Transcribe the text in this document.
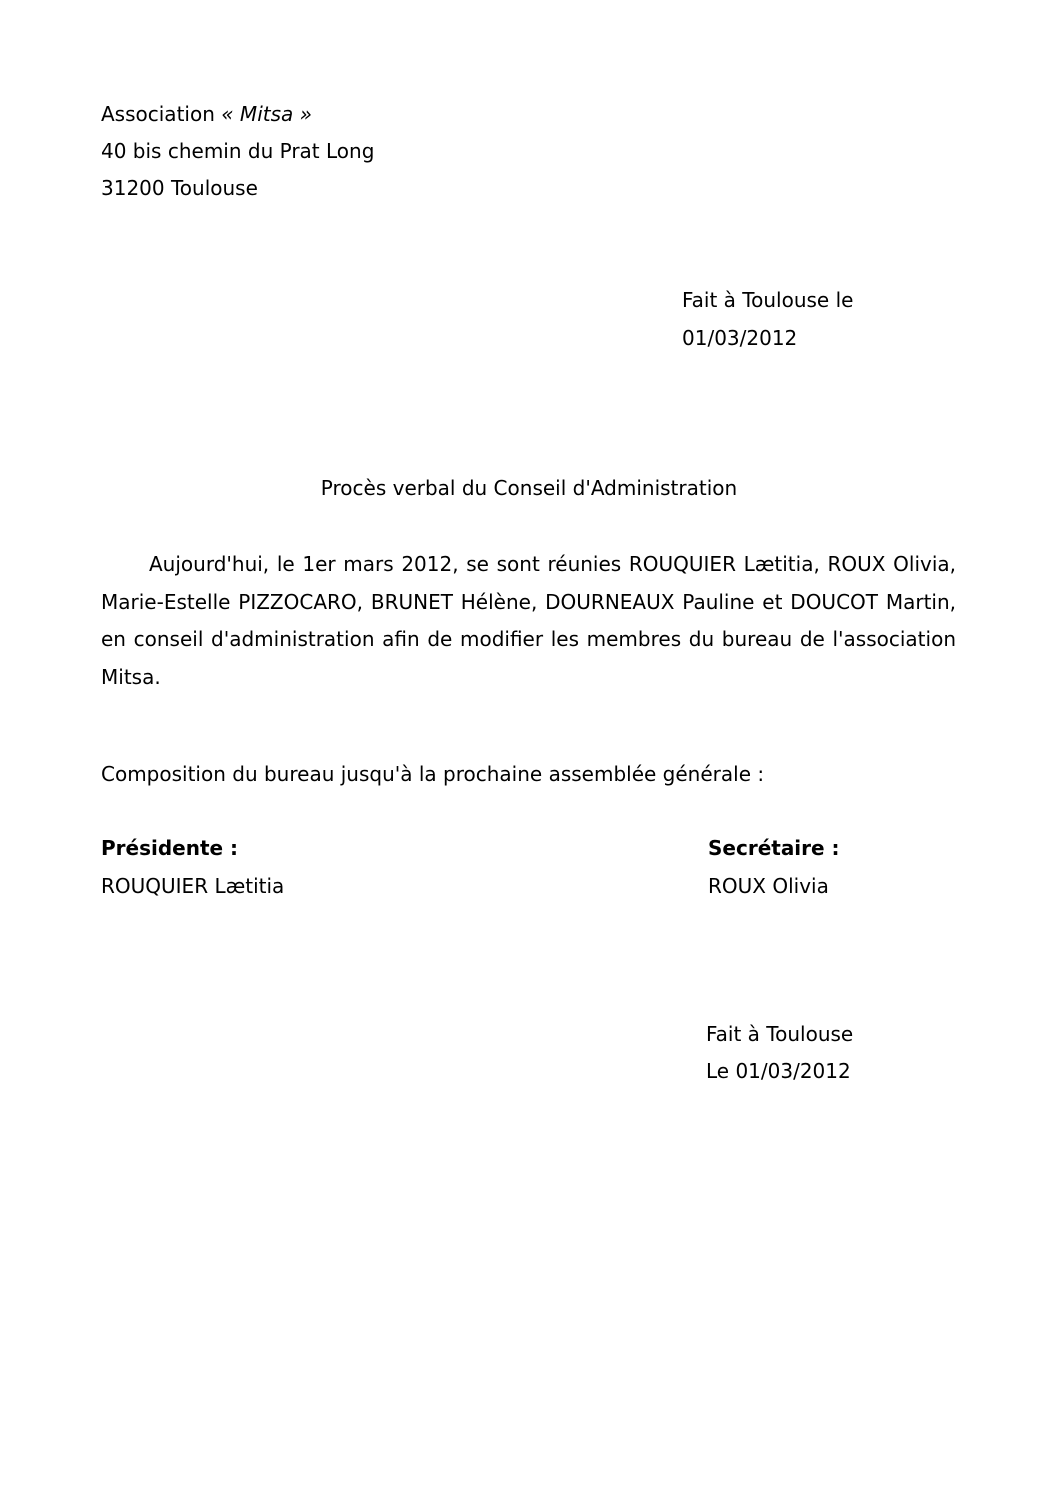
Association « Mitsa »
40 bis chemin du Prat Long
31200 Toulouse
Fait à Toulouse le
01/03/2012
Procès verbal du Conseil d'Administration
Aujourd'hui, le 1er mars 2012, se sont réunies ROUQUIER Lætitia, ROUX Olivia, Marie-Estelle PIZZOCARO, BRUNET Hélène, DOURNEAUX Pauline et DOUCOT Martin, en conseil d'administration afin de modifier les membres du bureau de l'association Mitsa.
Composition du bureau jusqu'à la prochaine assemblée générale :
Présidente :
ROUQUIER Lætitia
Secrétaire :
ROUX Olivia
Fait à Toulouse
Le 01/03/2012
